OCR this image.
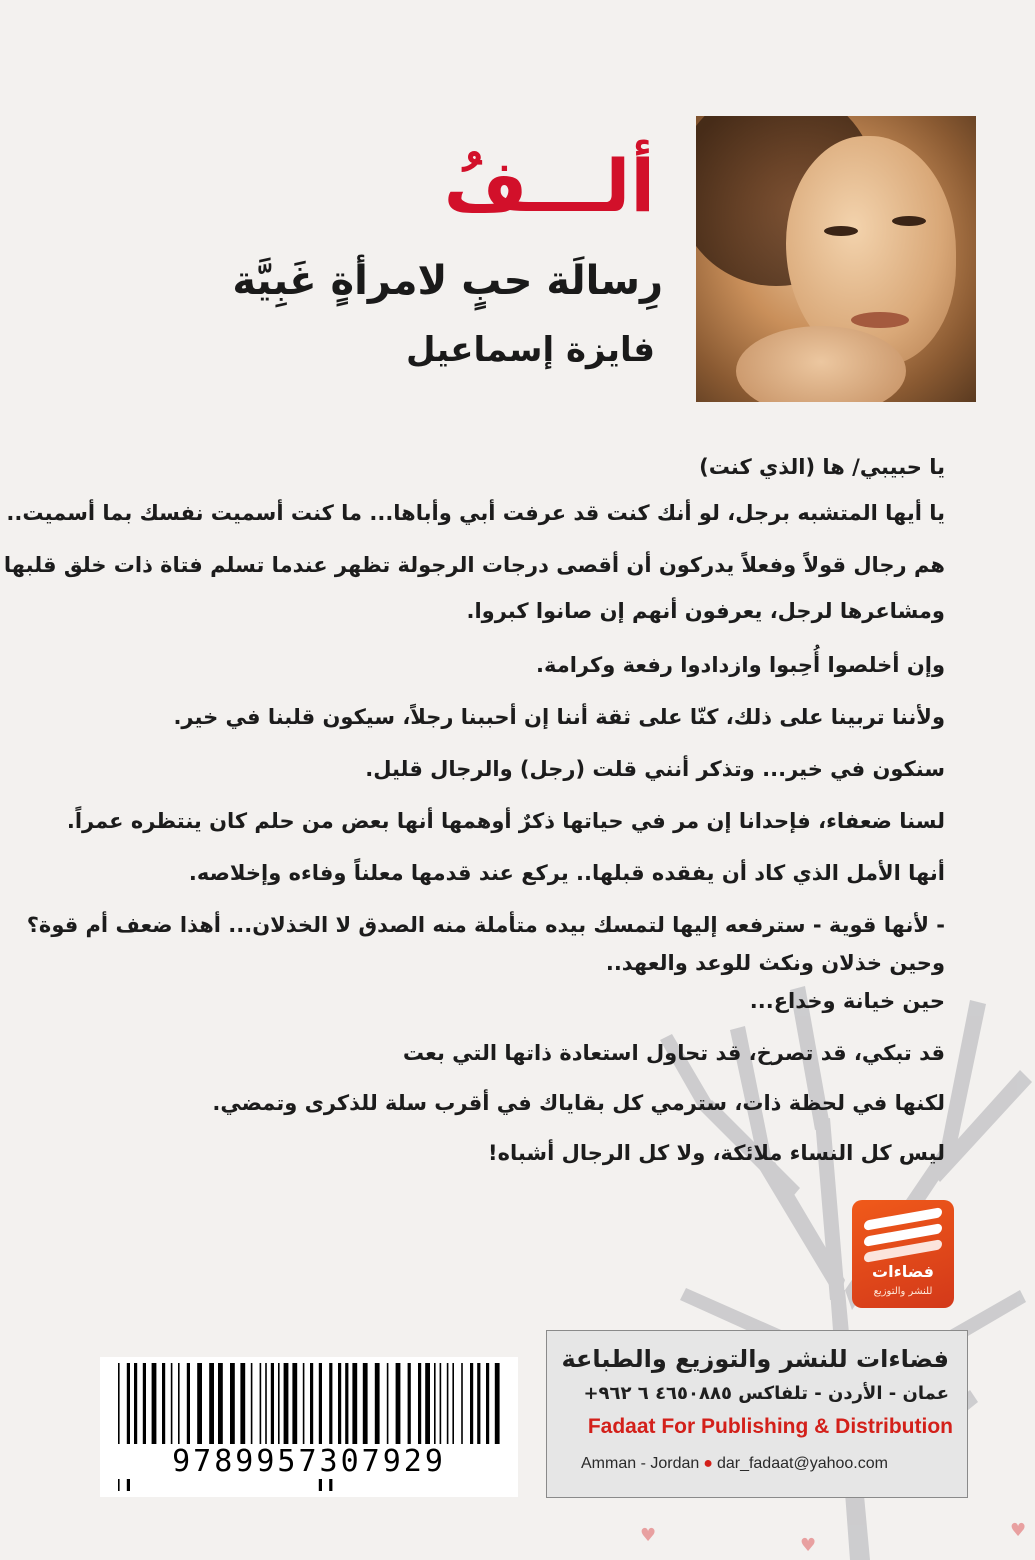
ألـــفُ
رِسالَة حبٍ لامرأةٍ غَبِيَّة
فايزة إسماعيل

يا حبيبي/ ها (الذي كنت)

يا أيها المتشبه برجل، لو أنك كنت قد عرفت أبي وأباها... ما كنت أسميت نفسك بما أسميت..

هم رجال قولاً وفعلاً يدركون أن أقصى درجات الرجولة تظهر عندما تسلم فتاة ذات خلق قلبها

ومشاعرها لرجل، يعرفون أنهم إن صانوا كبروا.

وإن أخلصوا أُحِبوا وازدادوا رفعة وكرامة.

ولأننا تربينا على ذلك، كنّا على ثقة أننا إن أحببنا رجلاً، سيكون قلبنا في خير.

سنكون في خير... وتذكر أنني قلت (رجل) والرجال قليل.

لسنا ضعفاء، فإحدانا إن مر في حياتها ذكرٌ أوهمها أنها بعض من حلم كان ينتظره عمراً.

أنها الأمل الذي كاد أن يفقده قبلها.. يركع عند قدمها معلناً وفاءه وإخلاصه.

- لأنها قوية - سترفعه إليها لتمسك بيده متأملة منه الصدق لا الخذلان... أهذا ضعف أم قوة؟

وحين خذلان ونكث للوعد والعهد..

حين خيانة وخداع...

قد تبكي، قد تصرخ، قد تحاول استعادة ذاتها التي بعت

لكنها في لحظة ذات، سترمي كل بقاياك في أقرب سلة للذكرى وتمضي.

ليس كل النساء ملائكة، ولا كل الرجال أشباه!

فضاءات
للنشر والتوزيع

فضاءات للنشر والتوزيع والطباعة

عمان - الأردن - تلفاكس ٤٦٥٠٨٨٥ ٦ ٩٦٢+

Fadaat For Publishing & Distribution

Amman - Jordan ● dar_fadaat@yahoo.com
9789957307929
♥	♥
♥
